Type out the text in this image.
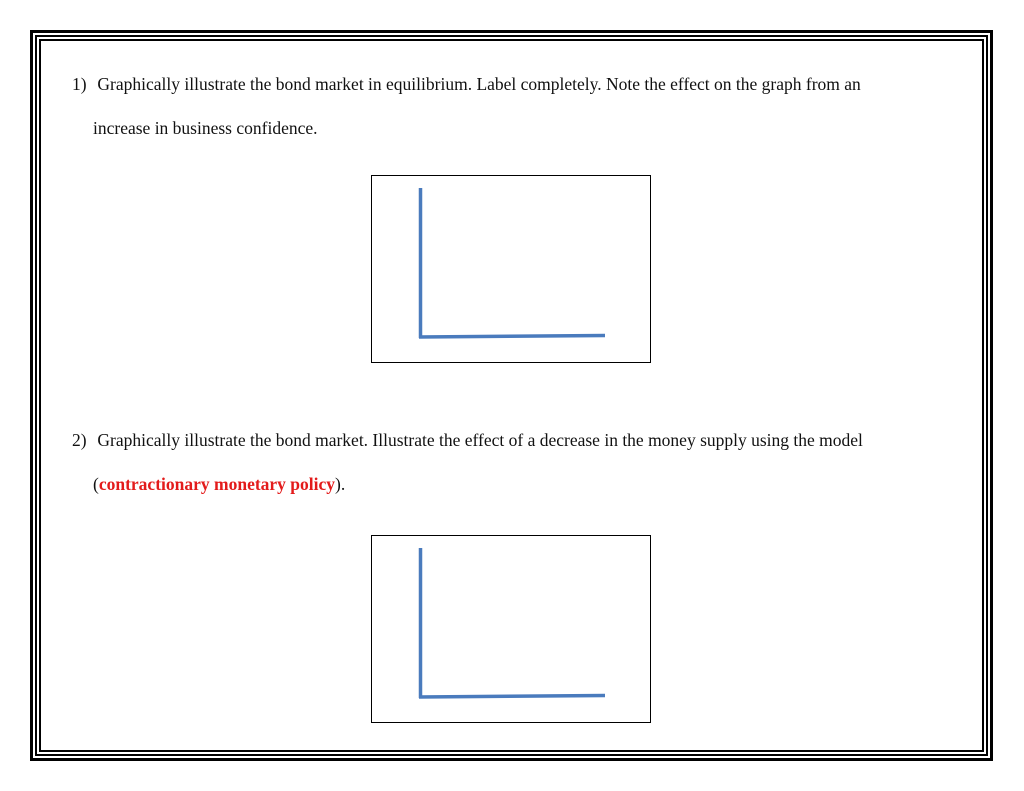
1) Graphically illustrate the bond market in equilibrium. Label completely. Note the effect on the graph from an
increase in business confidence.
2) Graphically illustrate the bond market. Illustrate the effect of a decrease in the money supply using the model
(contractionary monetary policy).
